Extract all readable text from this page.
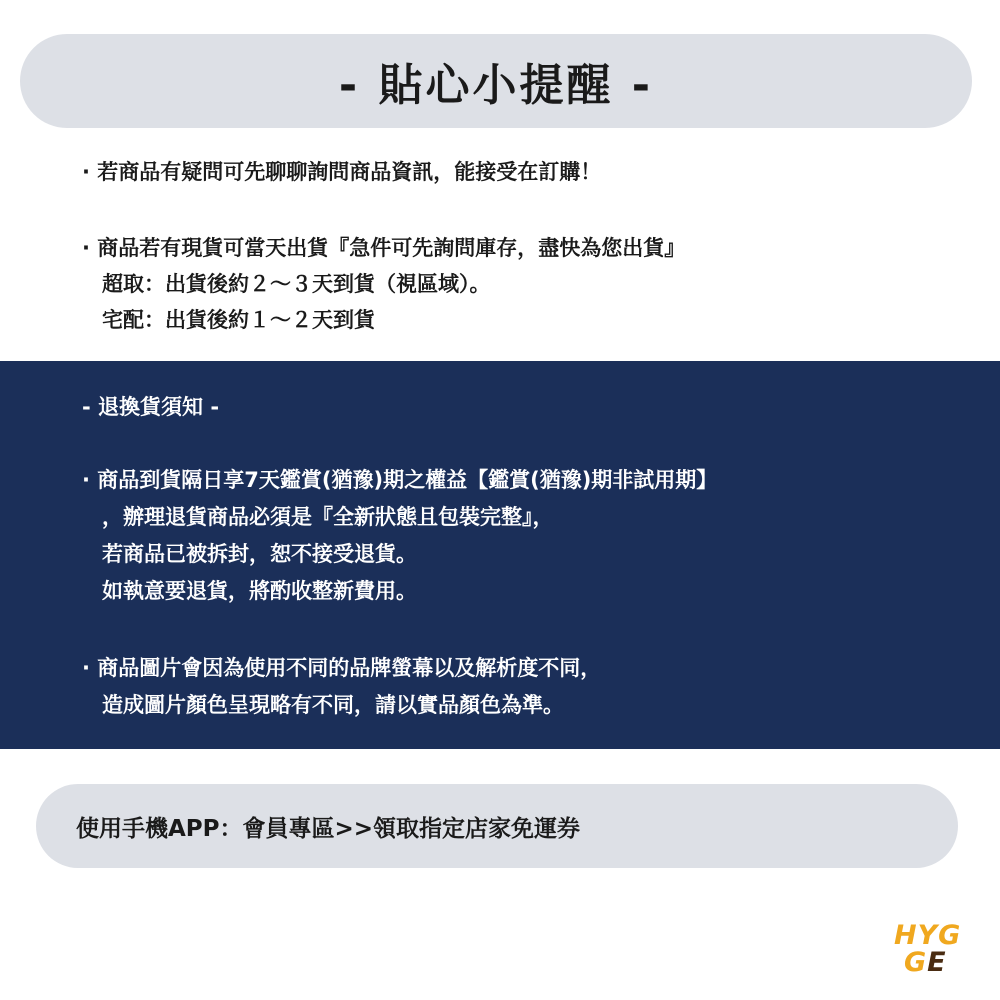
- 貼心小提醒 -
· 若商品有疑問可先聊聊詢問商品資訊，能接受在訂購！
· 商品若有現貨可當天出貨『急件可先詢問庫存，盡快為您出貨』
超取：出貨後約２～３天到貨（視區域）。
宅配：出貨後約１～２天到貨
- 退換貨須知 -
· 商品到貨隔日享7天鑑賞(猶豫)期之權益【鑑賞(猶豫)期非試用期】
，辦理退貨商品必須是『全新狀態且包裝完整』，
若商品已被拆封，恕不接受退貨。
如執意要退貨，將酌收整新費用。
· 商品圖片會因為使用不同的品牌螢幕以及解析度不同，
造成圖片顏色呈現略有不同，請以實品顏色為準。
使用手機APP：會員專區>>領取指定店家免運券
HYG
GE
